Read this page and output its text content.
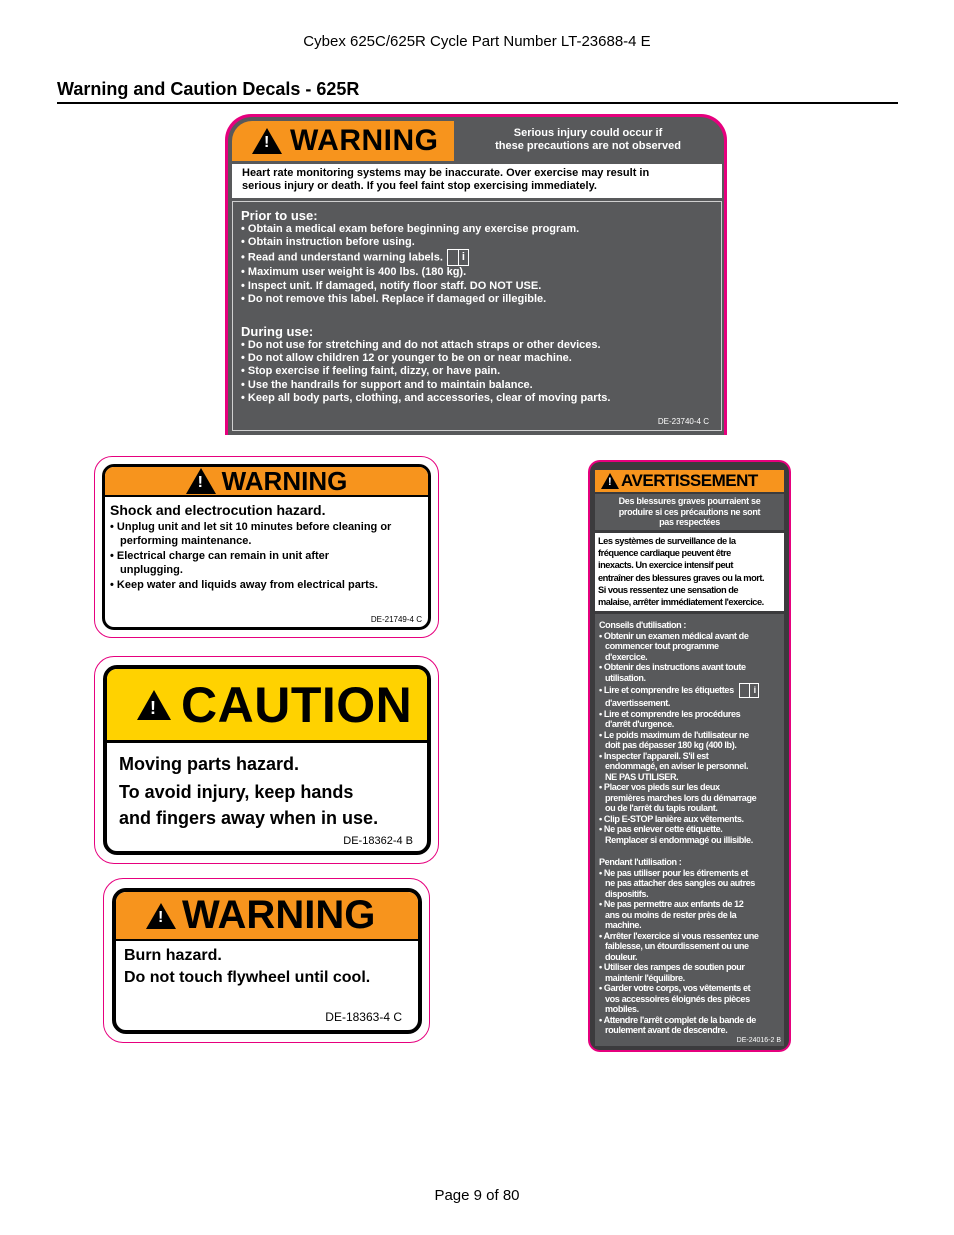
Cybex 625C/625R Cycle Part Number LT-23688-4 E
Warning and Caution Decals - 625R
!
WARNING	Serious injury could occur if
these precautions are not observed
Heart rate monitoring systems may be inaccurate. Over exercise may result in
serious injury or death. If you feel faint stop exercising immediately.
Prior to use:
• Obtain a medical exam before beginning any exercise program.
• Obtain instruction before using.
• Read and understand warning labels. i
• Maximum user weight is 400 lbs. (180 kg).
• Inspect unit. If damaged, notify floor staff. DO NOT USE.
• Do not remove this label. Replace if damaged or illegible.
During use:
• Do not use for stretching and do not attach straps or other devices.
• Do not allow children 12 or younger to be on or near machine.
• Stop exercise if feeling faint, dizzy, or have pain.
• Use the handrails for support and to maintain balance.
• Keep all body parts, clothing, and accessories, clear of moving parts.
DE-23740-4 C
!
WARNING
Shock and electrocution hazard.
• Unplug unit and let sit 10 minutes before cleaning or
performing maintenance.
• Electrical charge can remain in unit after
unplugging.
• Keep water and liquids away from electrical parts.
DE-21749-4 C
!
CAUTION
Moving parts hazard.
To avoid injury, keep hands
and fingers away when in use.
DE-18362-4 B
!
WARNING
Burn hazard.
Do not touch flywheel until cool.
DE-18363-4 C
!
AVERTISSEMENT
Des blessures graves pourraient se
produire si ces précautions ne sont
pas respectées
Les systèmes de surveillance de la
fréquence cardiaque peuvent être
inexacts. Un exercice intensif peut
entraîner des blessures graves ou la mort.
Si vous ressentez une sensation de
malaise, arrêter immédiatement l'exercice.
Conseils d'utilisation :
• Obtenir un examen médical avant de
commencer tout programme
d'exercice.
• Obtenir des instructions avant toute
utilisation.
• Lire et comprendre les étiquettes i
d'avertissement.
• Lire et comprendre les procédures
d'arrêt d'urgence.
• Le poids maximum de l'utilisateur ne
doit pas dépasser 180 kg (400 lb).
• Inspecter l'appareil. S'il est
endommagé, en aviser le personnel.
NE PAS UTILISER.
• Placer vos pieds sur les deux
premières marches lors du démarrage
ou de l'arrêt du tapis roulant.
• Clip E-STOP lanière aux vêtements.
• Ne pas enlever cette étiquette.
Remplacer si endommagé ou illisible.
Pendant l'utilisation :
• Ne pas utiliser pour les étirements et
ne pas attacher des sangles ou autres
dispositifs.
• Ne pas permettre aux enfants de 12
ans ou moins de rester près de la
machine.
• Arrêter l'exercice si vous ressentez une
faiblesse, un étourdissement ou une
douleur.
• Utiliser des rampes de soutien pour
maintenir l'équilibre.
• Garder votre corps, vos vêtements et
vos accessoires éloignés des pièces
mobiles.
• Attendre l'arrêt complet de la bande de
roulement avant de descendre.
DE-24016-2 B
Page 9 of 80
